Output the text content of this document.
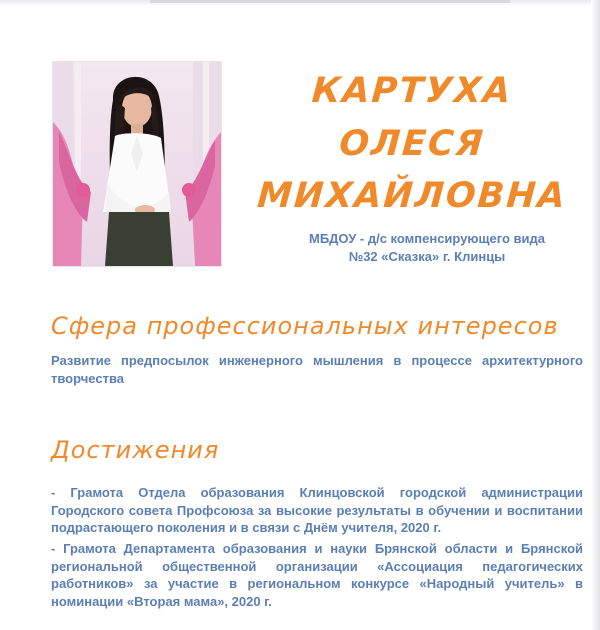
КАРТУХА
ОЛЕСЯ
МИХАЙЛОВНА
МБДОУ - д/с компенсирующего вида
№32 «Сказка» г. Клинцы
Сфера профессиональных интересов
Развитие предпосылок инженерного мышления в процессе архитектурного творчества
Достижения
- Грамота Отдела образования Клинцовской городской администрации Городского совета Профсоюза за высокие результаты в обучении и воспитании подрастающего поколения и в связи с Днём учителя, 2020 г.
- Грамота Департамента образования и науки Брянской области и Брянской региональной общественной организации «Ассоциация педагогических работников» за участие в региональном конкурсе «Народный учитель» в номинации «Вторая мама», 2020 г.
